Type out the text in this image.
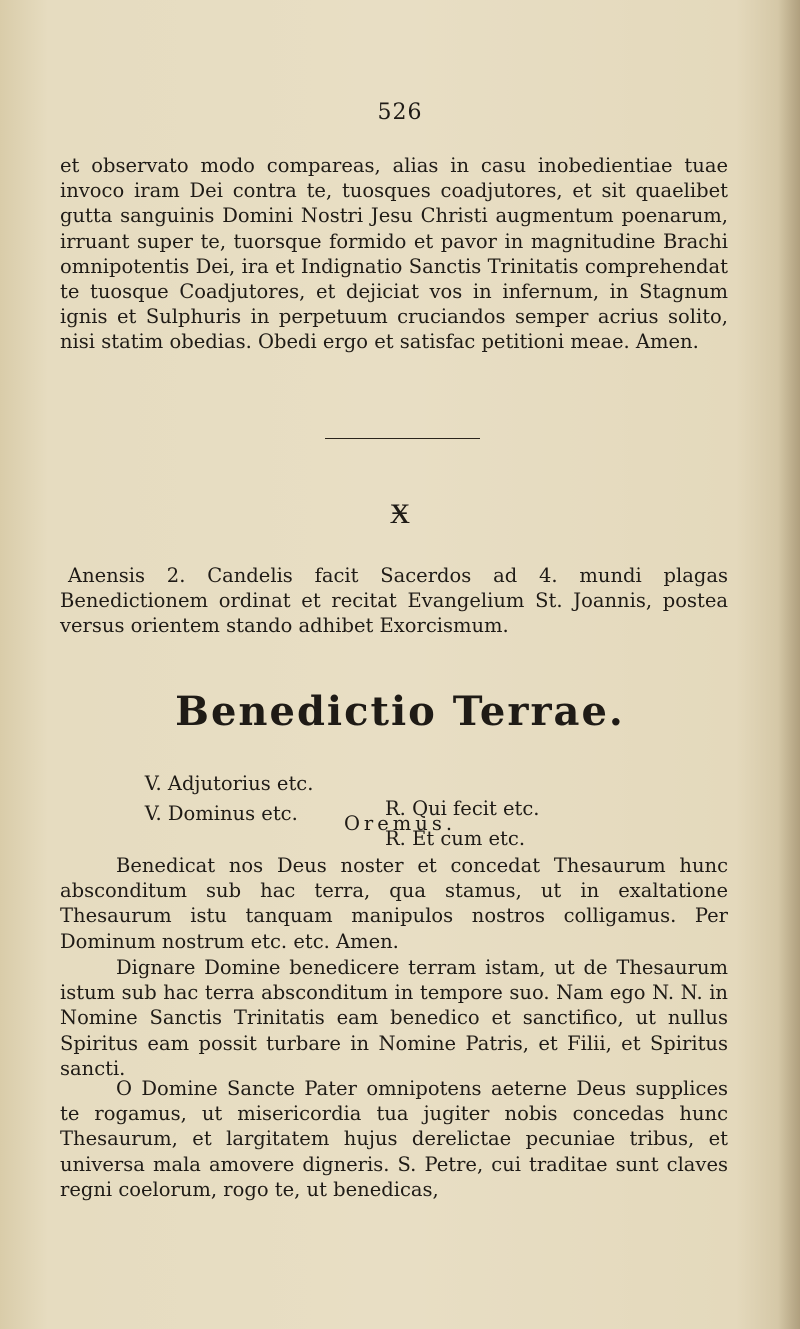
526

et observato modo compareas, alias in casu inobedientiae tuae invoco iram Dei contra te, tuosques coadjutores, et sit quaelibet gutta sanguinis Domini Nostri Jesu Christi augmentum poenarum, irruant super te, tuorsque formido et pavor in magnitudine Brachi omnipotentis Dei, ira et Indignatio Sanctis Trinitatis comprehendat te tuosque Coadjutores, et dejiciat vos in infernum, in Stagnum ignis et Sulphuris in perpetuum cruciandos semper acrius solito, nisi statim obedias. Obedi ergo et satisfac petitioni meae. Amen.

ӿ

Anensis 2. Candelis facit Sacerdos ad 4. mundi plagas Benedictionem ordinat et recitat Evangelium St. Joannis, postea versus orientem stando adhibet Exorcismum.

Benedictio Terrae.

V. Adjutorius etc.

R. Qui fecit etc.

V. Dominus etc.

R. Et cum etc.

Oremus.

Benedicat nos Deus noster et concedat Thesaurum hunc absconditum sub hac terra, qua stamus, ut in exaltatione Thesaurum istu tanquam manipulos nostros colligamus. Per Dominum nostrum etc. etc. Amen.

Dignare Domine benedicere terram istam, ut de Thesaurum istum sub hac terra absconditum in tempore suo. Nam ego N. N. in Nomine Sanctis Trinitatis eam benedico et sanctifico, ut nullus Spiritus eam possit turbare in Nomine Patris, et Filii, et Spiritus sancti.

O Domine Sancte Pater omnipotens aeterne Deus supplices te rogamus, ut misericordia tua jugiter nobis concedas hunc Thesaurum, et largitatem hujus derelictae pecuniae tribus, et universa mala amovere digneris. S. Petre, cui traditae sunt claves regni coelorum, rogo te, ut benedicas,
